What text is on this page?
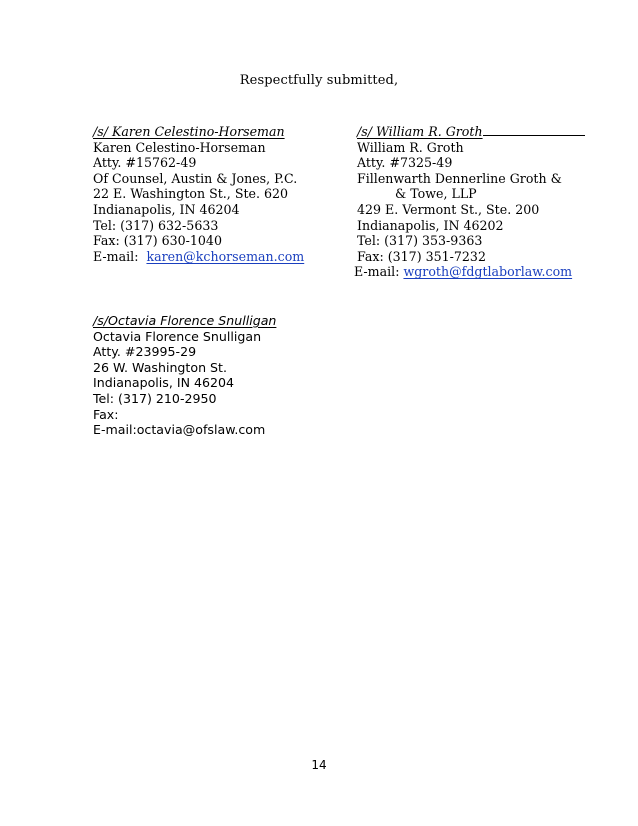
Respectfully submitted,
/s/ Karen Celestino-Horseman
Karen Celestino-Horseman
Atty. #15762-49
Of Counsel, Austin & Jones, P.C.
22 E. Washington St., Ste. 620
Indianapolis, IN 46204
Tel: (317) 632-5633
Fax: (317) 630-1040
E-mail: karen@kchorseman.com
/s/ William R. Groth
William R. Groth
Atty. #7325-49
Fillenwarth Dennerline Groth &
& Towe, LLP
429 E. Vermont St., Ste. 200
Indianapolis, IN 46202
Tel: (317) 353-9363
Fax: (317) 351-7232
E-mail: wgroth@fdgtlaborlaw.com
/s/Octavia Florence Snulligan
Octavia Florence Snulligan
Atty. #23995-29
26 W. Washington St.
Indianapolis, IN 46204
Tel: (317) 210-2950
Fax:
E-mail:octavia@ofslaw.com
14
